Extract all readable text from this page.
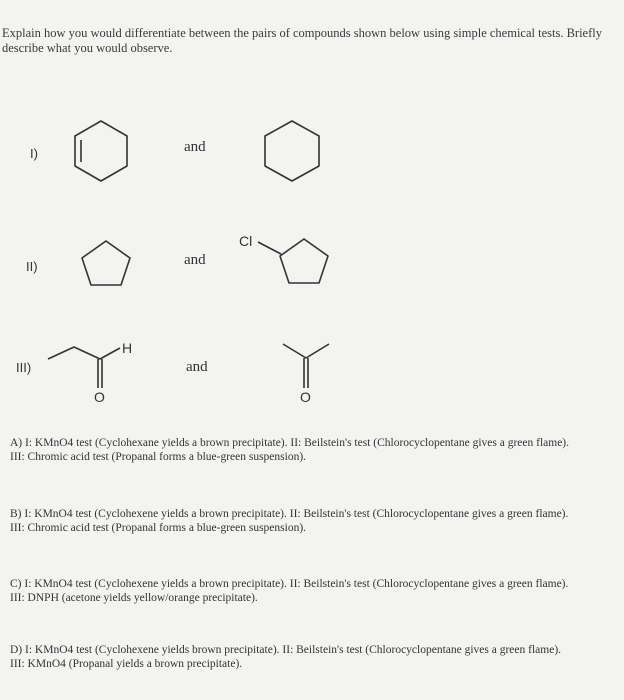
Explain how you would differentiate between the pairs of compounds shown below using simple chemical tests. Briefly describe what you would observe.
I)	and
II)	and
Cl
III)
H
O
and
O
A) I: KMnO4 test (Cyclohexane yields a brown precipitate). II: Beilstein's test (Chlorocyclopentane gives a green flame).
III: Chromic acid test (Propanal forms a blue-green suspension).
B) I: KMnO4 test (Cyclohexene yields a brown precipitate). II: Beilstein's test (Chlorocyclopentane gives a green flame).
III: Chromic acid test (Propanal forms a blue-green suspension).
C) I: KMnO4 test (Cyclohexene yields a brown precipitate). II: Beilstein's test (Chlorocyclopentane gives a green flame).
III: DNPH (acetone yields yellow/orange precipitate).
D) I: KMnO4 test (Cyclohexene yields brown precipitate). II: Beilstein's test (Chlorocyclopentane gives a green flame).
III: KMnO4 (Propanal yields a brown precipitate).
